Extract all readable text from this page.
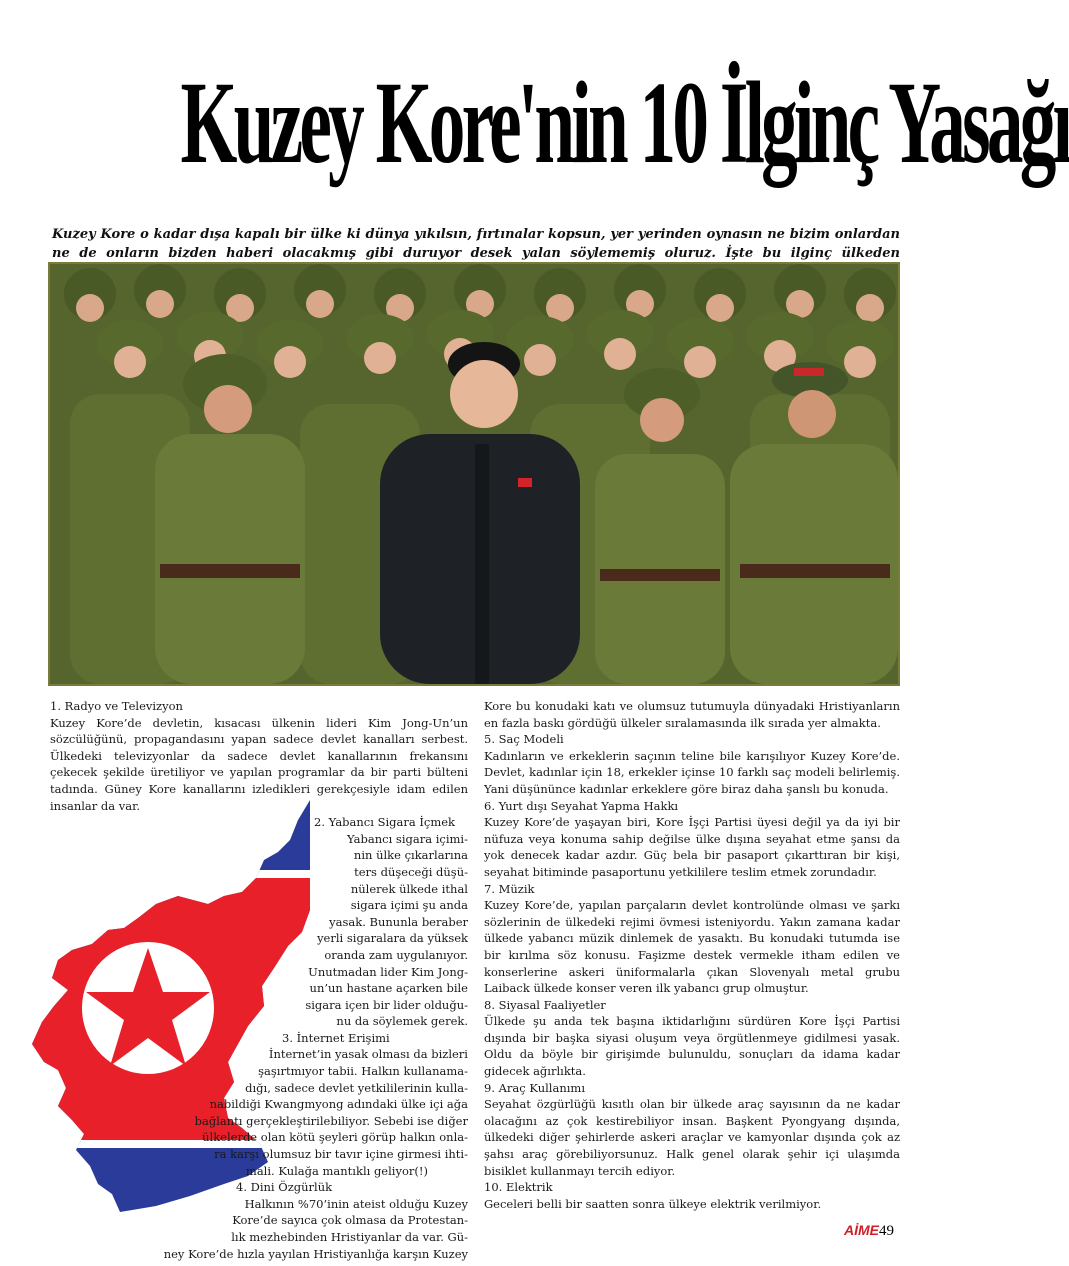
Kuzey Kore'nin 10 İlginç Yasağı

Kuzey Kore o kadar dışa kapalı bir ülke ki dünya yıkılsın, fırtınalar kopsun, yer yerinden oynasın ne bizim onlardan ne de onların bizden haberi olacakmış gibi duruyor desek yalan söylememiş oluruz. İşte bu ilginç ülkeden

1. Radyo ve Televizyon

Kuzey Kore’de devletin, kısacası ülkenin lideri Kim Jong-Un’un sözcülüğünü, propagandasını yapan sadece devlet kanalları serbest. Ülkedeki televizyonlar da sadece devlet kanallarının frekansını çekecek şekilde üretiliyor ve yapılan programlar da bir parti bülteni tadında. Güney Kore kanallarını izledikleri gerekçesiyle idam edilen insanlar da var.

2. Yabancı Sigara İçmek

Yabancı sigara içimi-
nin ülke çıkarlarına
ters düşeceği düşü-
nülerek ülkede ithal
sigara içimi şu anda
yasak. Bununla beraber
yerli sigaralara da yüksek
oranda zam uygulanıyor.
Unutmadan lider Kim Jong-
un’un hastane açarken bile
sigara içen bir lider olduğu-
nu da söylemek gerek.

3. İnternet Erişimi

İnternet’in yasak olması da bizleri
şaşırtmıyor tabii. Halkın kullanama-
dığı, sadece devlet yetkililerinin kulla-
nabildiği Kwangmyong adındaki ülke içi ağa
bağlantı gerçekleştirilebiliyor. Sebebi ise diğer
ülkelerde olan kötü şeyleri görüp halkın onla-
ra karşı olumsuz bir tavır içine girmesi ihti-
mali. Kulağa mantıklı geliyor(!)

4. Dini Özgürlük

Halkının %70’inin ateist olduğu Kuzey
Kore’de sayıca çok olmasa da Protestan-
lık mezhebinden Hristiyanlar da var. Gü-
ney Kore’de hızla yayılan Hristiyanlığa karşın Kuzey

Kore bu konudaki katı ve olumsuz tutumuyla dünyadaki Hristiyanların en fazla baskı gördüğü ülkeler sıralamasında ilk sırada yer almakta.

5. Saç Modeli

Kadınların ve erkeklerin saçının teline bile karışılıyor Kuzey Kore’de. Devlet, kadınlar için 18, erkekler içinse 10 farklı saç modeli belirlemiş. Yani düşününce kadınlar erkeklere göre biraz daha şanslı bu konuda.

6. Yurt dışı Seyahat Yapma Hakkı

Kuzey Kore’de yaşayan biri, Kore İşçi Partisi üyesi değil ya da iyi bir nüfuza veya konuma sahip değilse ülke dışına seyahat etme şansı da yok denecek kadar azdır. Güç bela bir pasaport çıkarttıran bir kişi, seyahat bitiminde pasaportunu yetkililere teslim etmek zorundadır.

7. Müzik

Kuzey Kore’de, yapılan parçaların devlet kontrolünde olması ve şarkı sözlerinin de ülkedeki rejimi övmesi isteniyordu. Yakın zamana kadar ülkede yabancı müzik dinlemek de yasaktı. Bu konudaki tutumda ise bir kırılma söz konusu. Faşizme destek vermekle itham edilen ve konserlerine askeri üniformalarla çıkan Slovenyalı metal grubu Laiback ülkede konser veren ilk yabancı grup olmuştur.

8. Siyasal Faaliyetler

Ülkede şu anda tek başına iktidarlığını sürdüren Kore İşçi Partisi dışında bir başka siyasi oluşum veya örgütlenmeye gidilmesi yasak. Oldu da böyle bir girişimde bulunuldu, sonuçları da idama kadar gidecek ağırlıkta.

9. Araç Kullanımı

Seyahat özgürlüğü kısıtlı olan bir ülkede araç sayısının da ne kadar olacağını az çok kestirebiliyor insan. Başkent Pyongyang dışında, ülkedeki diğer şehirlerde askeri araçlar ve kamyonlar dışında çok az şahsı araç görebiliyorsunuz. Halk genel olarak şehir içi ulaşımda bisiklet kullanmayı tercih ediyor.

10. Elektrik

Geceleri belli bir saatten sonra ülkeye elektrik verilmiyor.

AİME49
